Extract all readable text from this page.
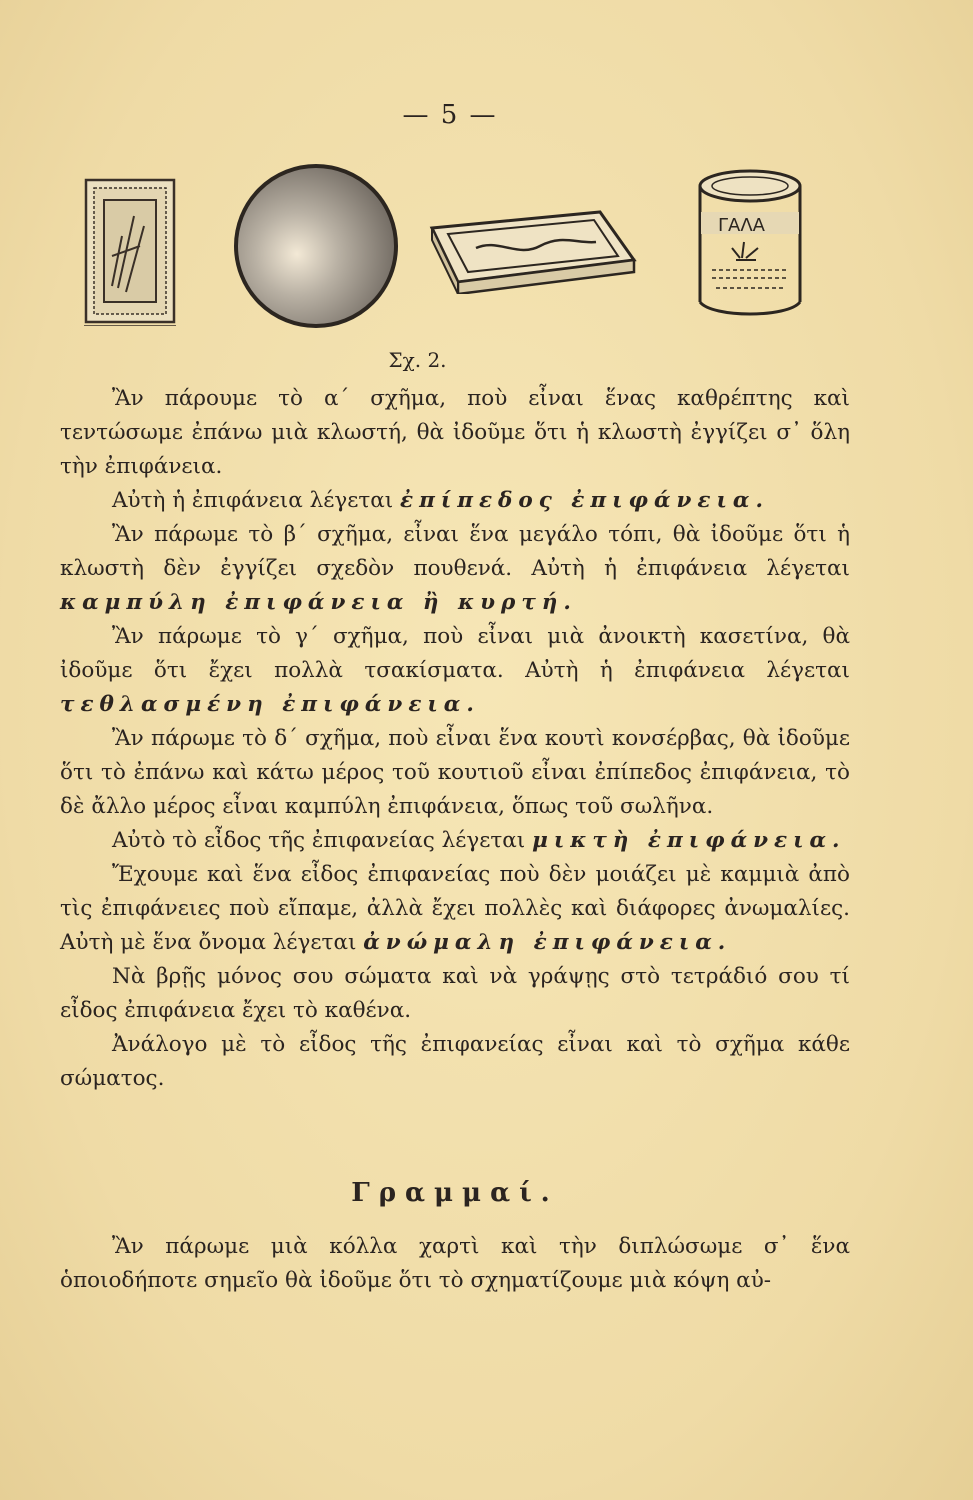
— 5 —
ΓΑΛΑ
Σχ. 2.

Ἂν πάρουμε τὸ α΄ σχῆμα, ποὺ εἶναι ἕνας καθρέπτης καὶ τεντώσωμε ἐπάνω μιὰ κλωστή, θὰ ἰδοῦμε ὅτι ἡ κλωστὴ ἐγγίζει σ᾽ ὅλη τὴν ἐπιφάνεια.

Αὐτὴ ἡ ἐπιφάνεια λέγεται ἐπίπεδος ἐπιφάνεια.

Ἂν πάρωμε τὸ β΄ σχῆμα, εἶναι ἕνα μεγάλο τόπι, θὰ ἰδοῦμε ὅτι ἡ κλωστὴ δὲν ἐγγίζει σχεδὸν πουθενά. Αὐτὴ ἡ ἐπιφάνεια λέγεται καμπύλη ἐπιφάνεια ἢ κυρτή.

Ἂν πάρωμε τὸ γ΄ σχῆμα, ποὺ εἶναι μιὰ ἀνοικτὴ κασετίνα, θὰ ἰδοῦμε ὅτι ἔχει πολλὰ τσακίσματα. Αὐτὴ ἡ ἐπιφάνεια λέγεται τεθλασμένη ἐπιφάνεια.

Ἂν πάρωμε τὸ δ΄ σχῆμα, ποὺ εἶναι ἕνα κουτὶ κονσέρβας, θὰ ἰδοῦμε ὅτι τὸ ἐπάνω καὶ κάτω μέρος τοῦ κουτιοῦ εἶναι ἐπίπεδος ἐπιφάνεια, τὸ δὲ ἄλλο μέρος εἶναι καμπύλη ἐπιφάνεια, ὅπως τοῦ σωλῆνα.

Αὐτὸ τὸ εἶδος τῆς ἐπιφανείας λέγεται μικτὴ ἐπιφάνεια.

Ἔχουμε καὶ ἕνα εἶδος ἐπιφανείας ποὺ δὲν μοιάζει μὲ καμμιὰ ἀπὸ τὶς ἐπιφάνειες ποὺ εἴπαμε, ἀλλὰ ἔχει πολλὲς καὶ διάφορες ἀνωμαλίες. Αὐτὴ μὲ ἕνα ὄνομα λέγεται ἀνώμαλη ἐπιφάνεια.

Νὰ βρῇς μόνος σου σώματα καὶ νὰ γράψῃς στὸ τετράδιό σου τί εἶδος ἐπιφάνεια ἔχει τὸ καθένα.

Ἀνάλογο μὲ τὸ εἶδος τῆς ἐπιφανείας εἶναι καὶ τὸ σχῆμα κάθε σώματος.

Γραμμαί.

Ἂν πάρωμε μιὰ κόλλα χαρτὶ καὶ τὴν διπλώσωμε σ᾽ ἕνα ὁποιοδήποτε σημεῖο θὰ ἰδοῦμε ὅτι τὸ σχηματίζουμε μιὰ κόψη αὐ-
